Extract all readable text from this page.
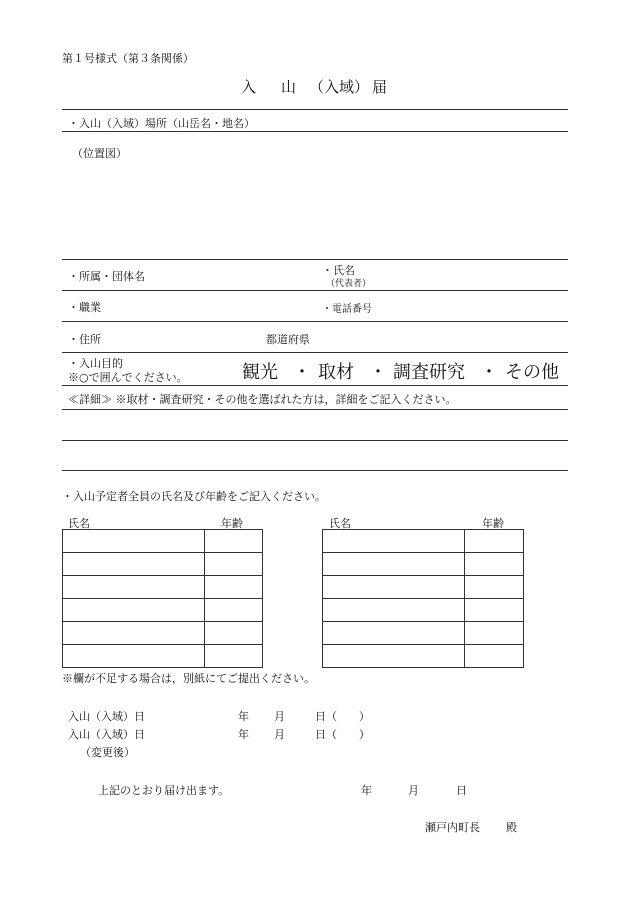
第１号様式（第３条関係）
入 山 （入域） 届
・入山（入域）場所（山岳名・地名）
（位置図）
・所属・団体名	・氏名
（代表者）
・職業	・電話番号
・住所	都道府県
・入山目的
※○で囲んでください。	観光 ・ 取材 ・ 調査研究 ・ その他
≪詳細≫ ※取材・調査研究・その他を選ばれた方は，詳細をご記入ください。
・入山予定者全員の氏名及び年齢をご記入ください。
氏名	年齢	氏名	年齢

※欄が不足する場合は，別紙にてご提出ください。
入山（入域）日	年 月	日（ ）
入山（入域）日	年 月	日（ ）
（変更後）
上記のとおり届け出ます。	年	月	日
瀬戸内町長 殿
